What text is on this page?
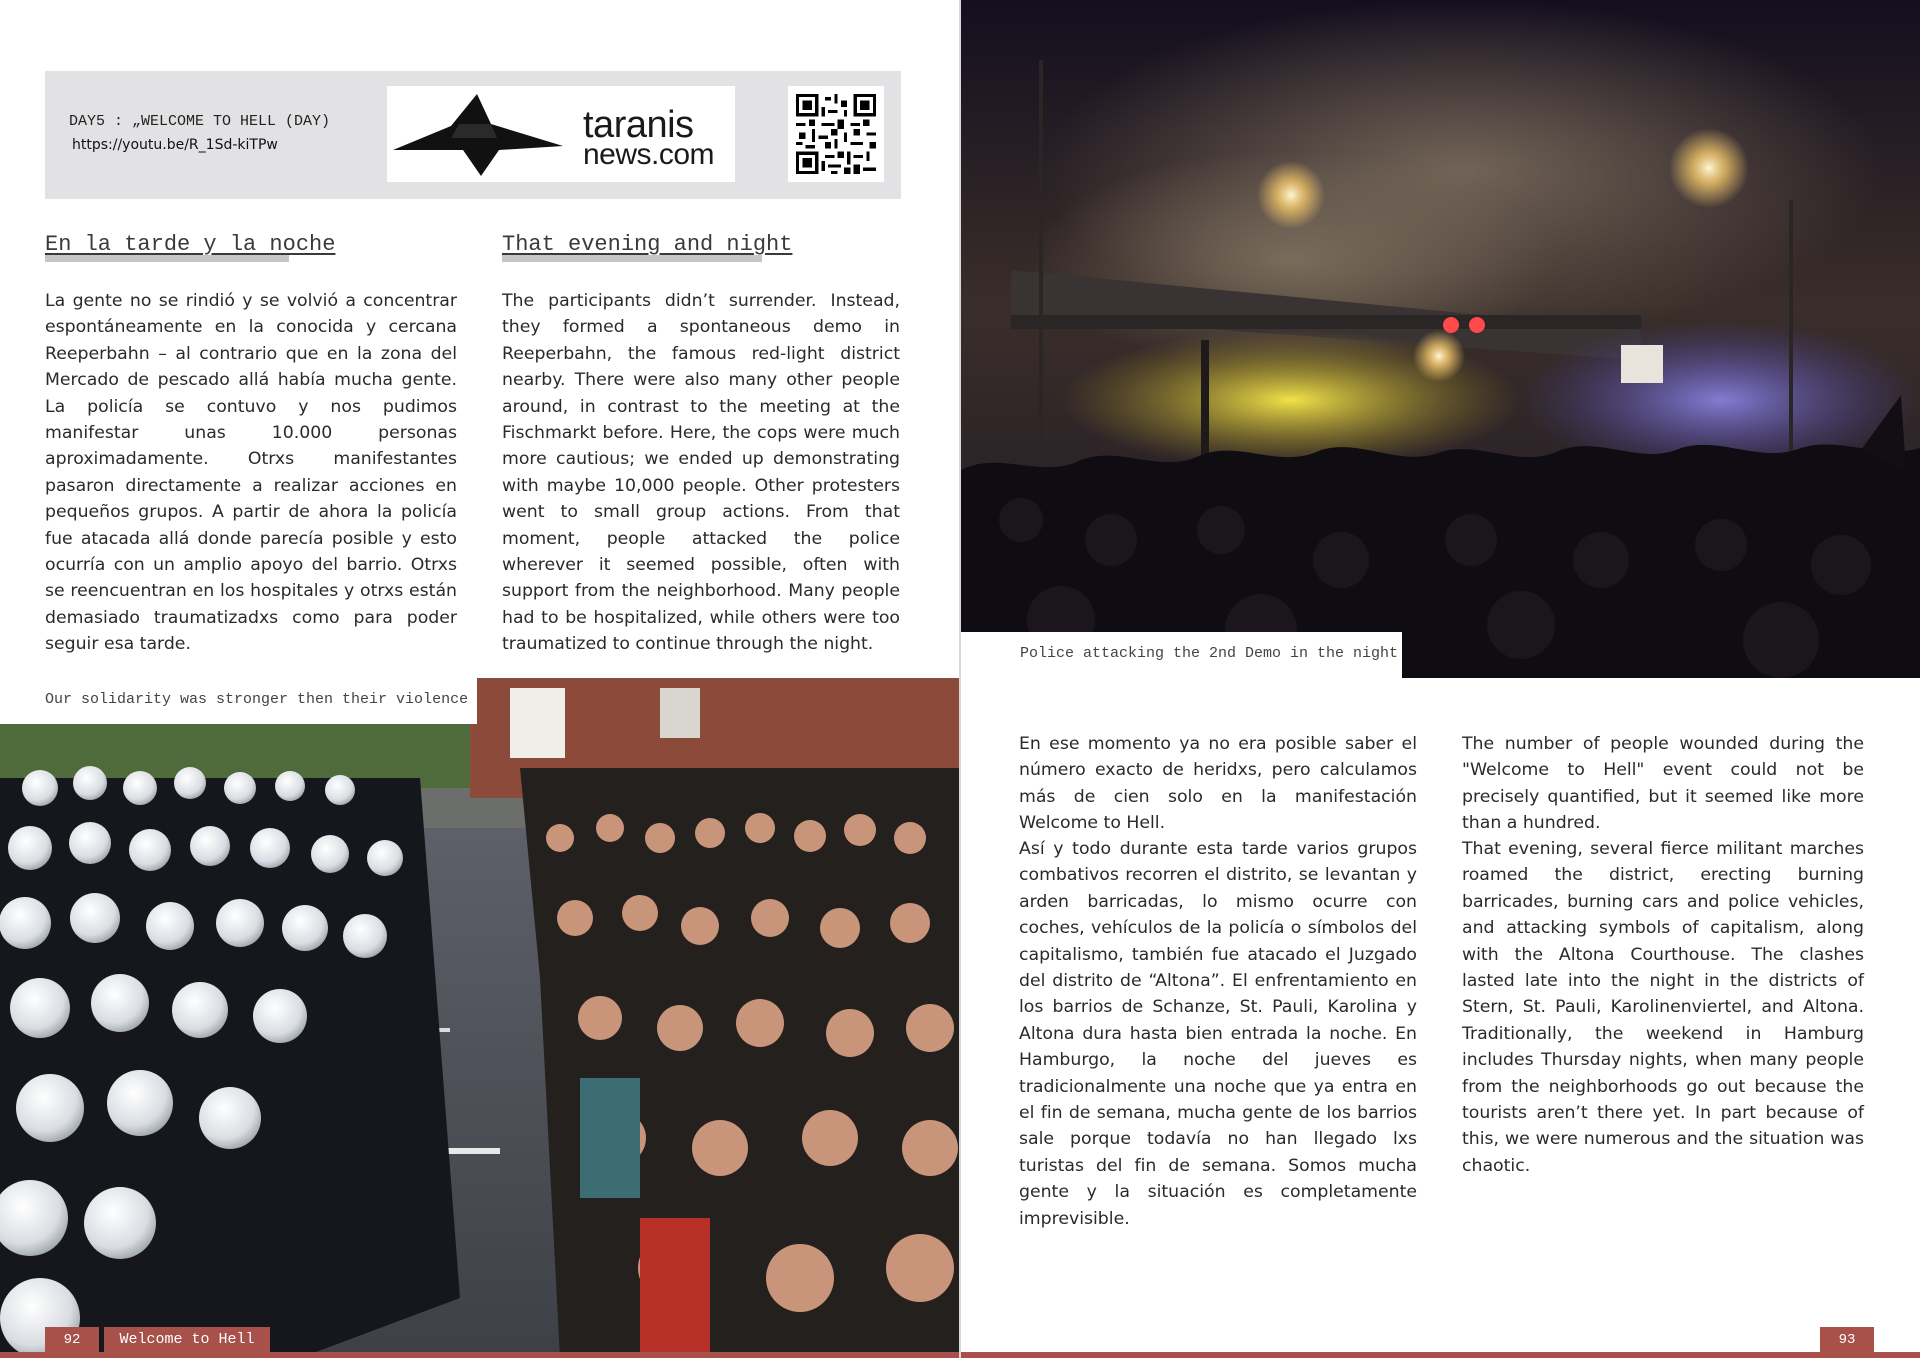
DAY5 : „WELCOME TO HELL (DAY)
https://youtu.be/R_1Sd-kiTPw	taranis
news.com
En la tarde y la noche	That evening and night

La gente no se rindió y se volvió a concentrar espontáneamente en la conocida y cercana Reeperbahn – al contrario que en la zona del Mercado de pescado allá había mucha gente. La policía se contuvo y nos pudimos manifestar unas 10.000 personas aproximadamente. Otrxs manifestantes pasaron directamente a realizar acciones en pequeños grupos. A partir de ahora la policía fue atacada allá donde parecía posible y esto ocurría con un amplio apoyo del barrio. Otrxs se reencuentran en los hospitales y otrxs están demasiado traumatizadxs como para poder seguir esa tarde.

The participants didn’t surrender. Instead, they formed a spontaneous demo in Reeperbahn, the famous red-light district nearby. There were also many other people around, in contrast to the meeting at the Fischmarkt before. Here, the cops were much more cautious; we ended up demonstrating with maybe 10,000 people. Other protesters went to small group actions. From that moment, people attacked the police wherever it seemed possible, often with support from the neighborhood. Many people had to be hospitalized, while others were too traumatized to continue through the night.

Our solidarity was stronger then their violence
92	Welcome to Hell
Police attacking the 2nd Demo in the night

En ese momento ya no era posible saber el número exacto de heridxs, pero calculamos más de cien solo en la manifestación Welcome to Hell.

Así y todo durante esta tarde varios grupos combativos recorren el distrito, se levantan y arden barricadas, lo mismo ocurre con coches, vehículos de la policía o símbolos del capitalismo, también fue atacado el Juzgado del distrito de “Altona”. El enfrentamiento en los barrios de Schanze, St. Pauli, Karolina y Altona dura hasta bien entrada la noche. En Hamburgo, la noche del jueves es tradicionalmente una noche que ya entra en el fin de semana, mucha gente de los barrios sale porque todavía no han llegado lxs turistas del fin de semana. Somos mucha gente y la situación es completamente imprevisible.

The number of people wounded during the "Welcome to Hell" event could not be precisely quantified, but it seemed like more than a hundred.

That evening, several fierce militant marches roamed the district, erecting burning barricades, burning cars and police vehicles, and attacking symbols of capitalism, along with the Altona Courthouse. The clashes lasted late into the night in the districts of Stern, St. Pauli, Karolinenviertel, and Altona. Traditionally, the weekend in Hamburg includes Thursday nights, when many people from the neighborhoods go out because the tourists aren’t there yet. In part because of this, we were numerous and the situation was chaotic.

93
